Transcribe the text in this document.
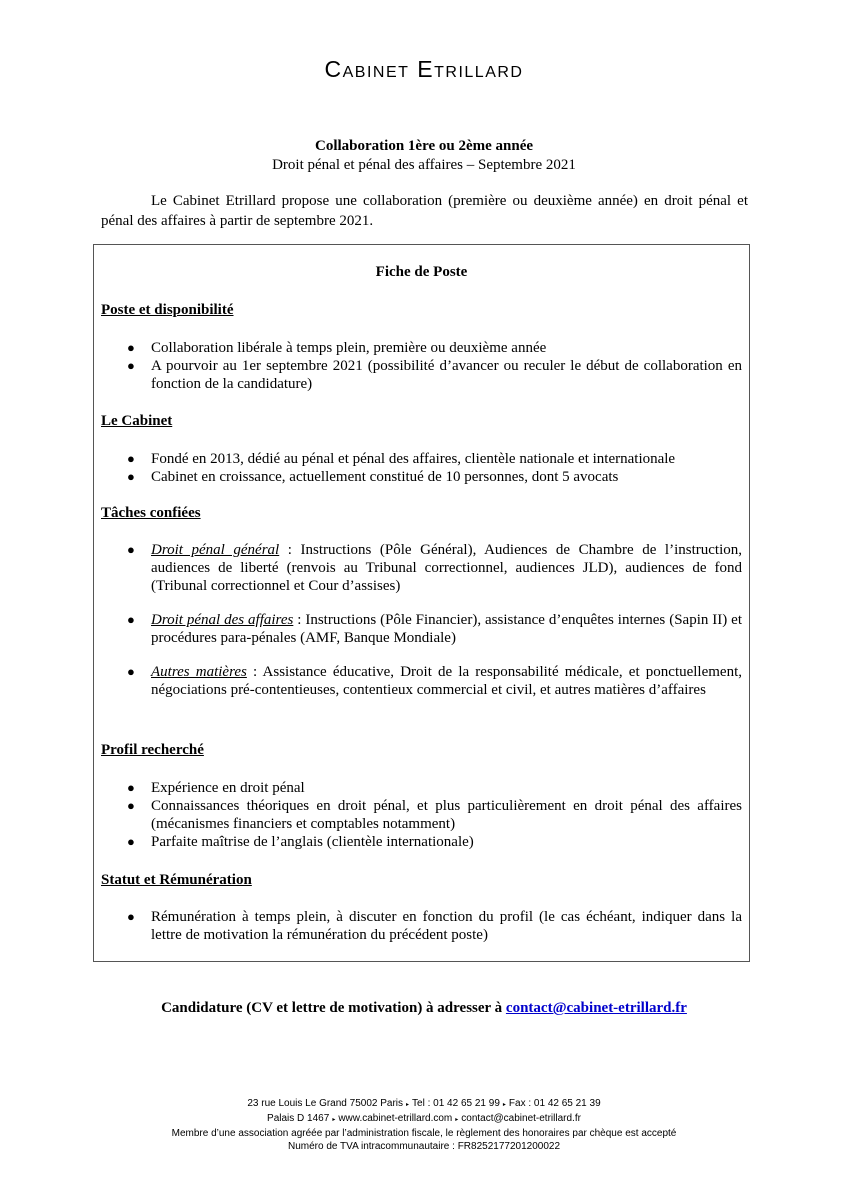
Cabinet Etrillard
Collaboration 1ère ou 2ème année
Droit pénal et pénal des affaires – Septembre 2021

Le Cabinet Etrillard propose une collaboration (première ou deuxième année) en droit pénal et pénal des affaires à partir de septembre 2021.

Fiche de Poste
Poste et disponibilité
● Collaboration libérale à temps plein, première ou deuxième année
● A pourvoir au 1er septembre 2021 (possibilité d’avancer ou reculer le début de collaboration en fonction de la candidature)
Le Cabinet
● Fondé en 2013, dédié au pénal et pénal des affaires, clientèle nationale et internationale
● Cabinet en croissance, actuellement constitué de 10 personnes, dont 5 avocats
Tâches confiées
● Droit pénal général : Instructions (Pôle Général), Audiences de Chambre de l’instruction, audiences de liberté (renvois au Tribunal correctionnel, audiences JLD), audiences de fond (Tribunal correctionnel et Cour d’assises)
● Droit pénal des affaires : Instructions (Pôle Financier), assistance d’enquêtes internes (Sapin II) et procédures para-pénales (AMF, Banque Mondiale)
● Autres matières : Assistance éducative, Droit de la responsabilité médicale, et ponctuellement, négociations pré-contentieuses, contentieux commercial et civil, et autres matières d’affaires
Profil recherché
● Expérience en droit pénal
● Connaissances théoriques en droit pénal, et plus particulièrement en droit pénal des affaires (mécanismes financiers et comptables notamment)
● Parfaite maîtrise de l’anglais (clientèle internationale)
Statut et Rémunération
● Rémunération à temps plein, à discuter en fonction du profil (le cas échéant, indiquer dans la lettre de motivation la rémunération du précédent poste)
Candidature (CV et lettre de motivation) à adresser à contact@cabinet-etrillard.fr
23 rue Louis Le Grand 75002 Paris ▸ Tel : 01 42 65 21 99 ▸ Fax : 01 42 65 21 39
Palais D 1467 ▸ www.cabinet-etrillard.com ▸ contact@cabinet-etrillard.fr
Membre d’une association agréée par l’administration fiscale, le règlement des honoraires par chèque est accepté
Numéro de TVA intracommunautaire : FR8252177201200022
